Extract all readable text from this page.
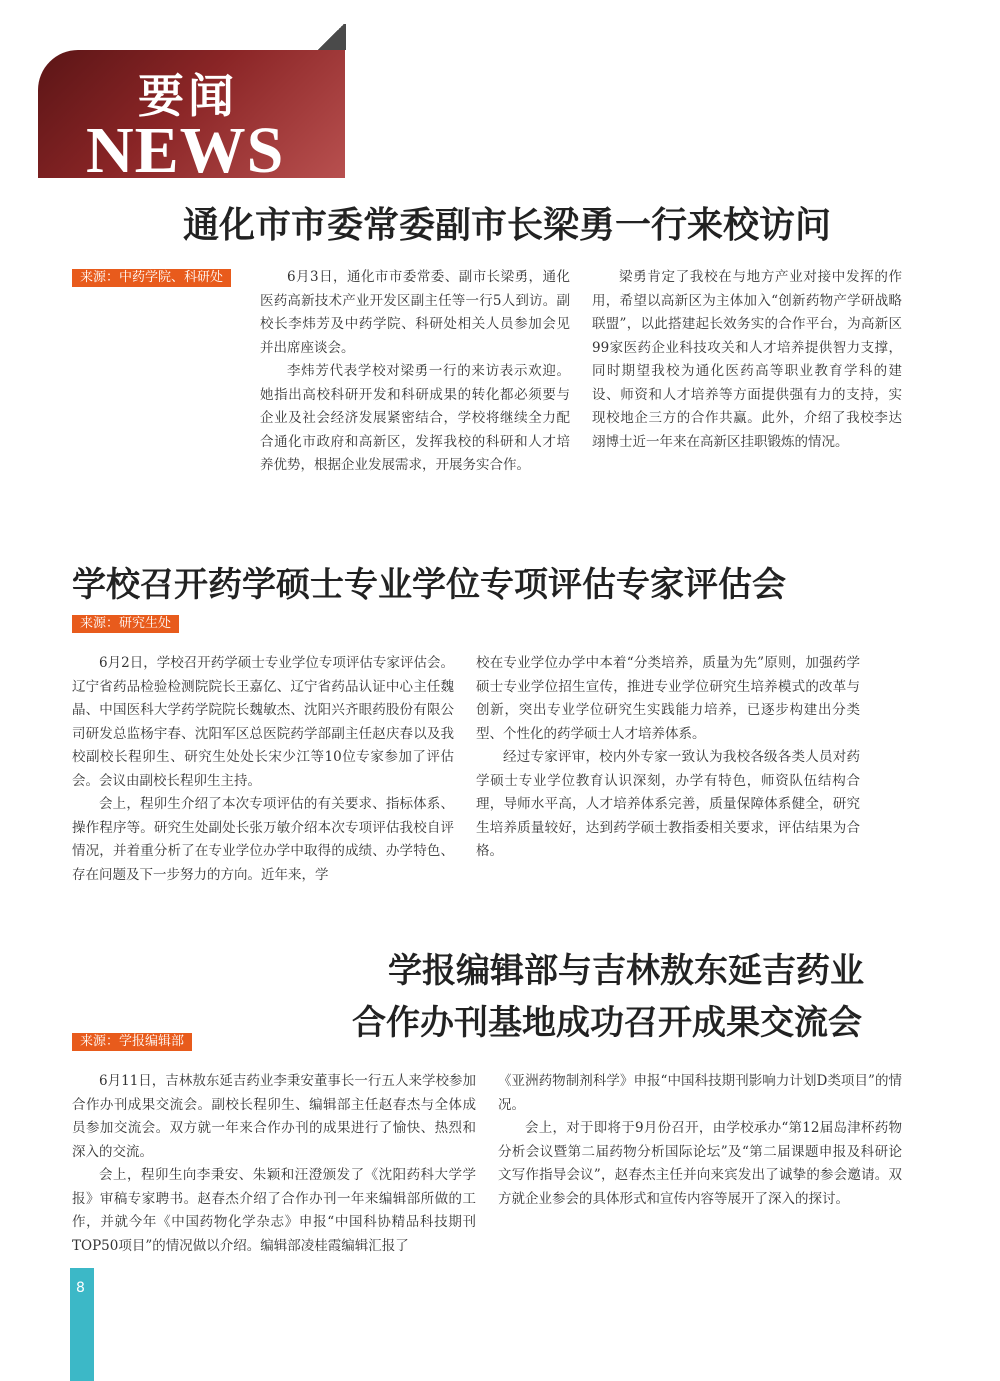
要闻
NEWS
通化市市委常委副市长梁勇一行来校访问
来源：中药学院、科研处	6月3日，通化市市委常委、副市长梁勇，通化医药高新技术产业开发区副主任等一行5人到访。副校长李炜芳及中药学院、科研处相关人员参加会见并出席座谈会。

李炜芳代表学校对梁勇一行的来访表示欢迎。她指出高校科研开发和科研成果的转化都必须要与企业及社会经济发展紧密结合，学校将继续全力配合通化市政府和高新区，发挥我校的科研和人才培养优势，根据企业发展需求，开展务实合作。

梁勇肯定了我校在与地方产业对接中发挥的作用，希望以高新区为主体加入“创新药物产学研战略联盟”，以此搭建起长效务实的合作平台，为高新区99家医药企业科技攻关和人才培养提供智力支撑，同时期望我校为通化医药高等职业教育学科的建设、师资和人才培养等方面提供强有力的支持，实现校地企三方的合作共赢。此外，介绍了我校李达翊博士近一年来在高新区挂职锻炼的情况。

学校召开药学硕士专业学位专项评估专家评估会
来源：研究生处

6月2日，学校召开药学硕士专业学位专项评估专家评估会。辽宁省药品检验检测院院长王嘉亿、辽宁省药品认证中心主任魏晶、中国医科大学药学院院长魏敏杰、沈阳兴齐眼药股份有限公司研发总监杨宇春、沈阳军区总医院药学部副主任赵庆春以及我校副校长程卯生、研究生处处长宋少江等10位专家参加了评估会。会议由副校长程卯生主持。

会上，程卯生介绍了本次专项评估的有关要求、指标体系、操作程序等。研究生处副处长张万敏介绍本次专项评估我校自评情况，并着重分析了在专业学位办学中取得的成绩、办学特色、存在问题及下一步努力的方向。近年来，学

校在专业学位办学中本着“分类培养，质量为先”原则，加强药学硕士专业学位招生宣传，推进专业学位研究生培养模式的改革与创新，突出专业学位研究生实践能力培养，已逐步构建出分类型、个性化的药学硕士人才培养体系。

经过专家评审，校内外专家一致认为我校各级各类人员对药学硕士专业学位教育认识深刻，办学有特色，师资队伍结构合理，导师水平高，人才培养体系完善，质量保障体系健全，研究生培养质量较好，达到药学硕士教指委相关要求，评估结果为合格。

学报编辑部与吉林敖东延吉药业
合作办刊基地成功召开成果交流会
来源：学报编辑部

6月11日，吉林敖东延吉药业李秉安董事长一行五人来学校参加合作办刊成果交流会。副校长程卯生、编辑部主任赵春杰与全体成员参加交流会。双方就一年来合作办刊的成果进行了愉快、热烈和深入的交流。

会上，程卯生向李秉安、朱颖和汪澄颁发了《沈阳药科大学学报》审稿专家聘书。赵春杰介绍了合作办刊一年来编辑部所做的工作，并就今年《中国药物化学杂志》申报“中国科协精品科技期刊TOP50项目”的情况做以介绍。编辑部凌桂霞编辑汇报了

《亚洲药物制剂科学》申报“中国科技期刊影响力计划D类项目”的情况。

会上，对于即将于9月份召开，由学校承办“第12届岛津杯药物分析会议暨第二届药物分析国际论坛”及“第二届课题申报及科研论文写作指导会议”，赵春杰主任并向来宾发出了诚挚的参会邀请。双方就企业参会的具体形式和宣传内容等展开了深入的探讨。

8
